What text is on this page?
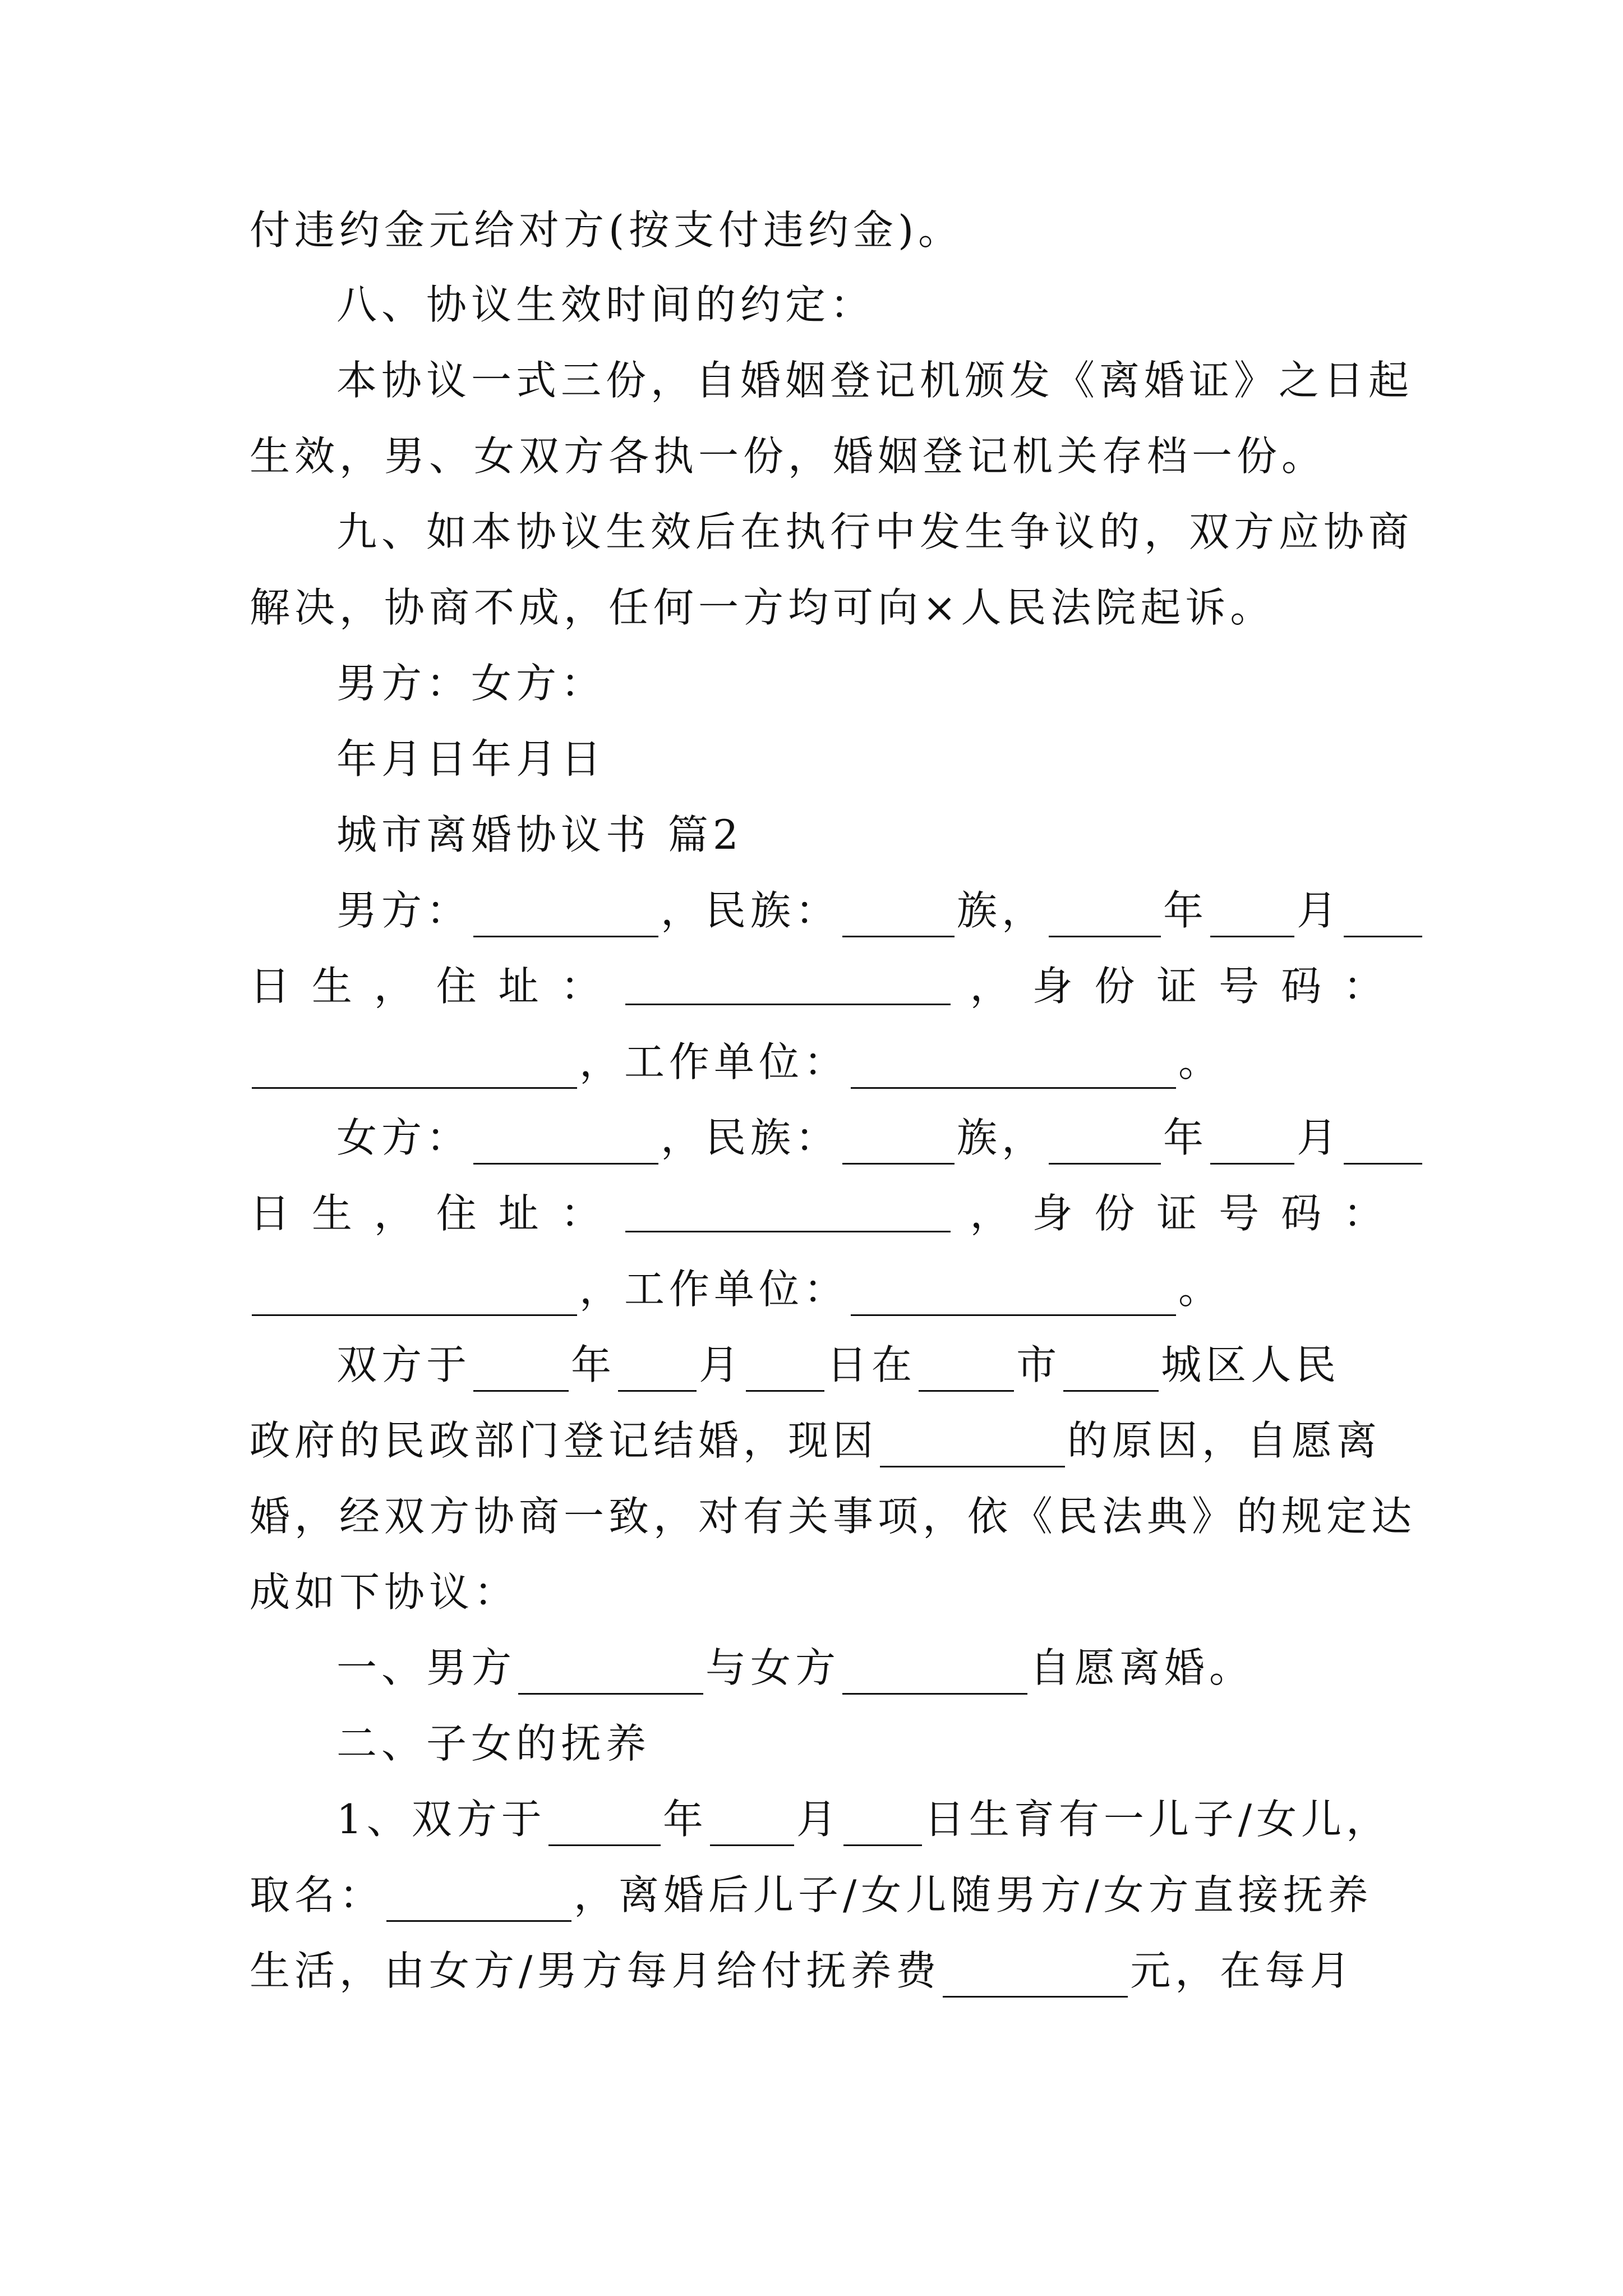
付违约金元给对方(按支付违约金)。
八、协议生效时间的约定：
本协议一式三份，自婚姻登记机颁发《离婚证》之日起
生效，男、女双方各执一份，婚姻登记机关存档一份。
九、如本协议生效后在执行中发生争议的，双方应协商
解决，协商不成，任何一方均可向×人民法院起诉。
男方：女方：
年月日年月日
城市离婚协议书 篇2
男方：	，民族：	族，	年 月
日 生 ， 住 址 ：	， 身 份 证 号 码 ：
，工作单位：	。
女方：	，民族：	族，	年 月
日 生 ， 住 址 ：	， 身 份 证 号 码 ：
，工作单位：	。
双方于 年 月 日在 市 城区人民
政府的民政部门登记结婚，现因	的原因，自愿离
婚，经双方协商一致，对有关事项，依《民法典》的规定达
成如下协议：
一、男方	与女方	自愿离婚。
二、子女的抚养
1、双方于	年 月 日生育有一儿子/女儿，
取名：	，离婚后儿子/女儿随男方/女方直接抚养
生活，由女方/男方每月给付抚养费	元，在每月
